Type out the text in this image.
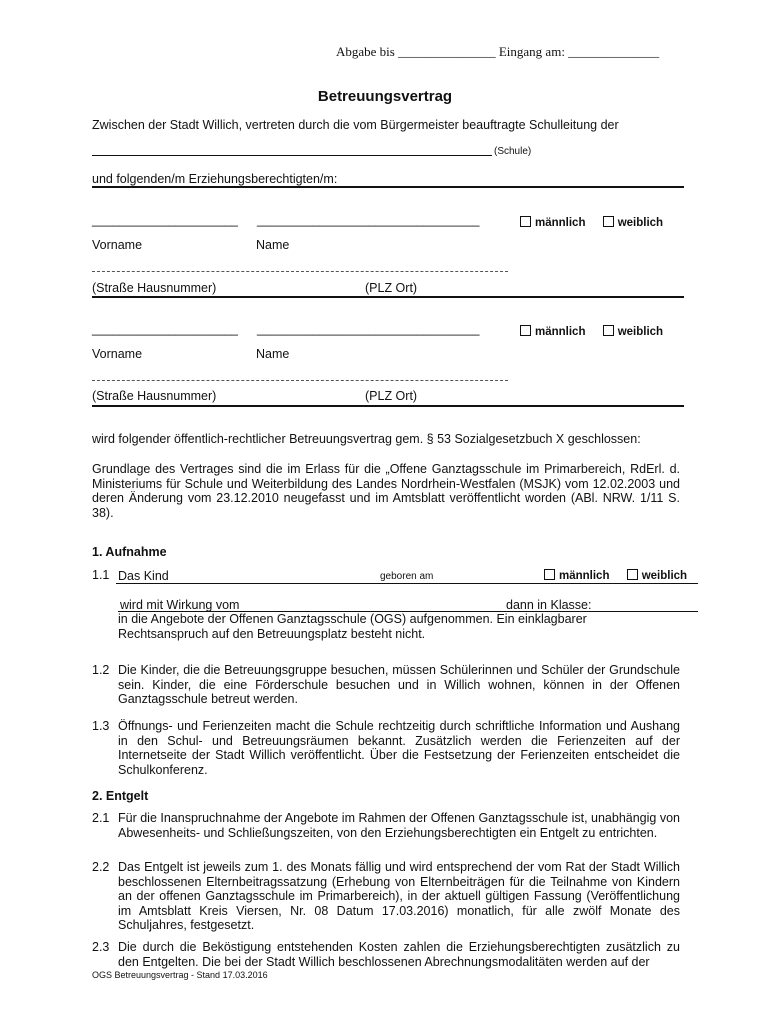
Abgabe bis _______________ Eingang am: ______________
Betreuungsvertrag
Zwischen der Stadt Willich, vertreten durch die vom Bürgermeister beauftragte Schulleitung der
(Schule)
und folgenden/m Erziehungsberechtigten/m:
_____________________ ________________________________	männlich	weiblich
Vorname	Name
(Straße Hausnummer)	(PLZ Ort)
_____________________ ________________________________	männlich	weiblich
Vorname	Name
(Straße Hausnummer)	(PLZ Ort)
wird folgender öffentlich-rechtlicher Betreuungsvertrag gem. § 53 Sozialgesetzbuch X geschlossen:

Grundlage des Vertrages sind die im Erlass für die „Offene Ganztagsschule im Primarbereich, RdErl. d. Ministeriums für Schule und Weiterbildung des Landes Nordrhein-Westfalen (MSJK) vom 12.02.2003 und deren Änderung vom 23.12.2010 neugefasst und im Amtsblatt veröffentlicht worden (ABl. NRW. 1/11 S. 38).

1. Aufnahme
1.1 Das Kind	geboren am	männlich	weiblich
wird mit Wirkung vom	dann in Klasse:
in die Angebote der Offenen Ganztagsschule (OGS) aufgenommen. Ein einklagbarer Rechtsanspruch auf den Betreuungsplatz besteht nicht.
1.2 Die Kinder, die die Betreuungsgruppe besuchen, müssen Schülerinnen und Schüler der Grundschule sein. Kinder, die eine Förderschule besuchen und in Willich wohnen, können in der Offenen Ganztagsschule betreut werden.

1.3 Öffnungs- und Ferienzeiten macht die Schule rechtzeitig durch schriftliche Information und Aushang in den Schul- und Betreuungsräumen bekannt. Zusätzlich werden die Ferienzeiten auf der Internetseite der Stadt Willich veröffentlicht. Über die Festsetzung der Ferienzeiten entscheidet die Schulkonferenz.

2. Entgelt
2.1 Für die Inanspruchnahme der Angebote im Rahmen der Offenen Ganztagsschule ist, unabhängig von Abwesenheits- und Schließungszeiten, von den Erziehungsberechtigten ein Entgelt zu entrichten.

2.2 Das Entgelt ist jeweils zum 1. des Monats fällig und wird entsprechend der vom Rat der Stadt Willich beschlossenen Elternbeitragssatzung (Erhebung von Elternbeiträgen für die Teilnahme von Kindern an der offenen Ganztagsschule im Primarbereich), in der aktuell gültigen Fassung (Veröffentlichung im Amtsblatt Kreis Viersen, Nr. 08 Datum 17.03.2016) monatlich, für alle zwölf Monate des Schuljahres, festgesetzt.

2.3 Die durch die Beköstigung entstehenden Kosten zahlen die Erziehungsberechtigten zusätzlich zu den Entgelten. Die bei der Stadt Willich beschlossenen Abrechnungsmodalitäten werden auf der

OGS Betreuungsvertrag - Stand 17.03.2016
